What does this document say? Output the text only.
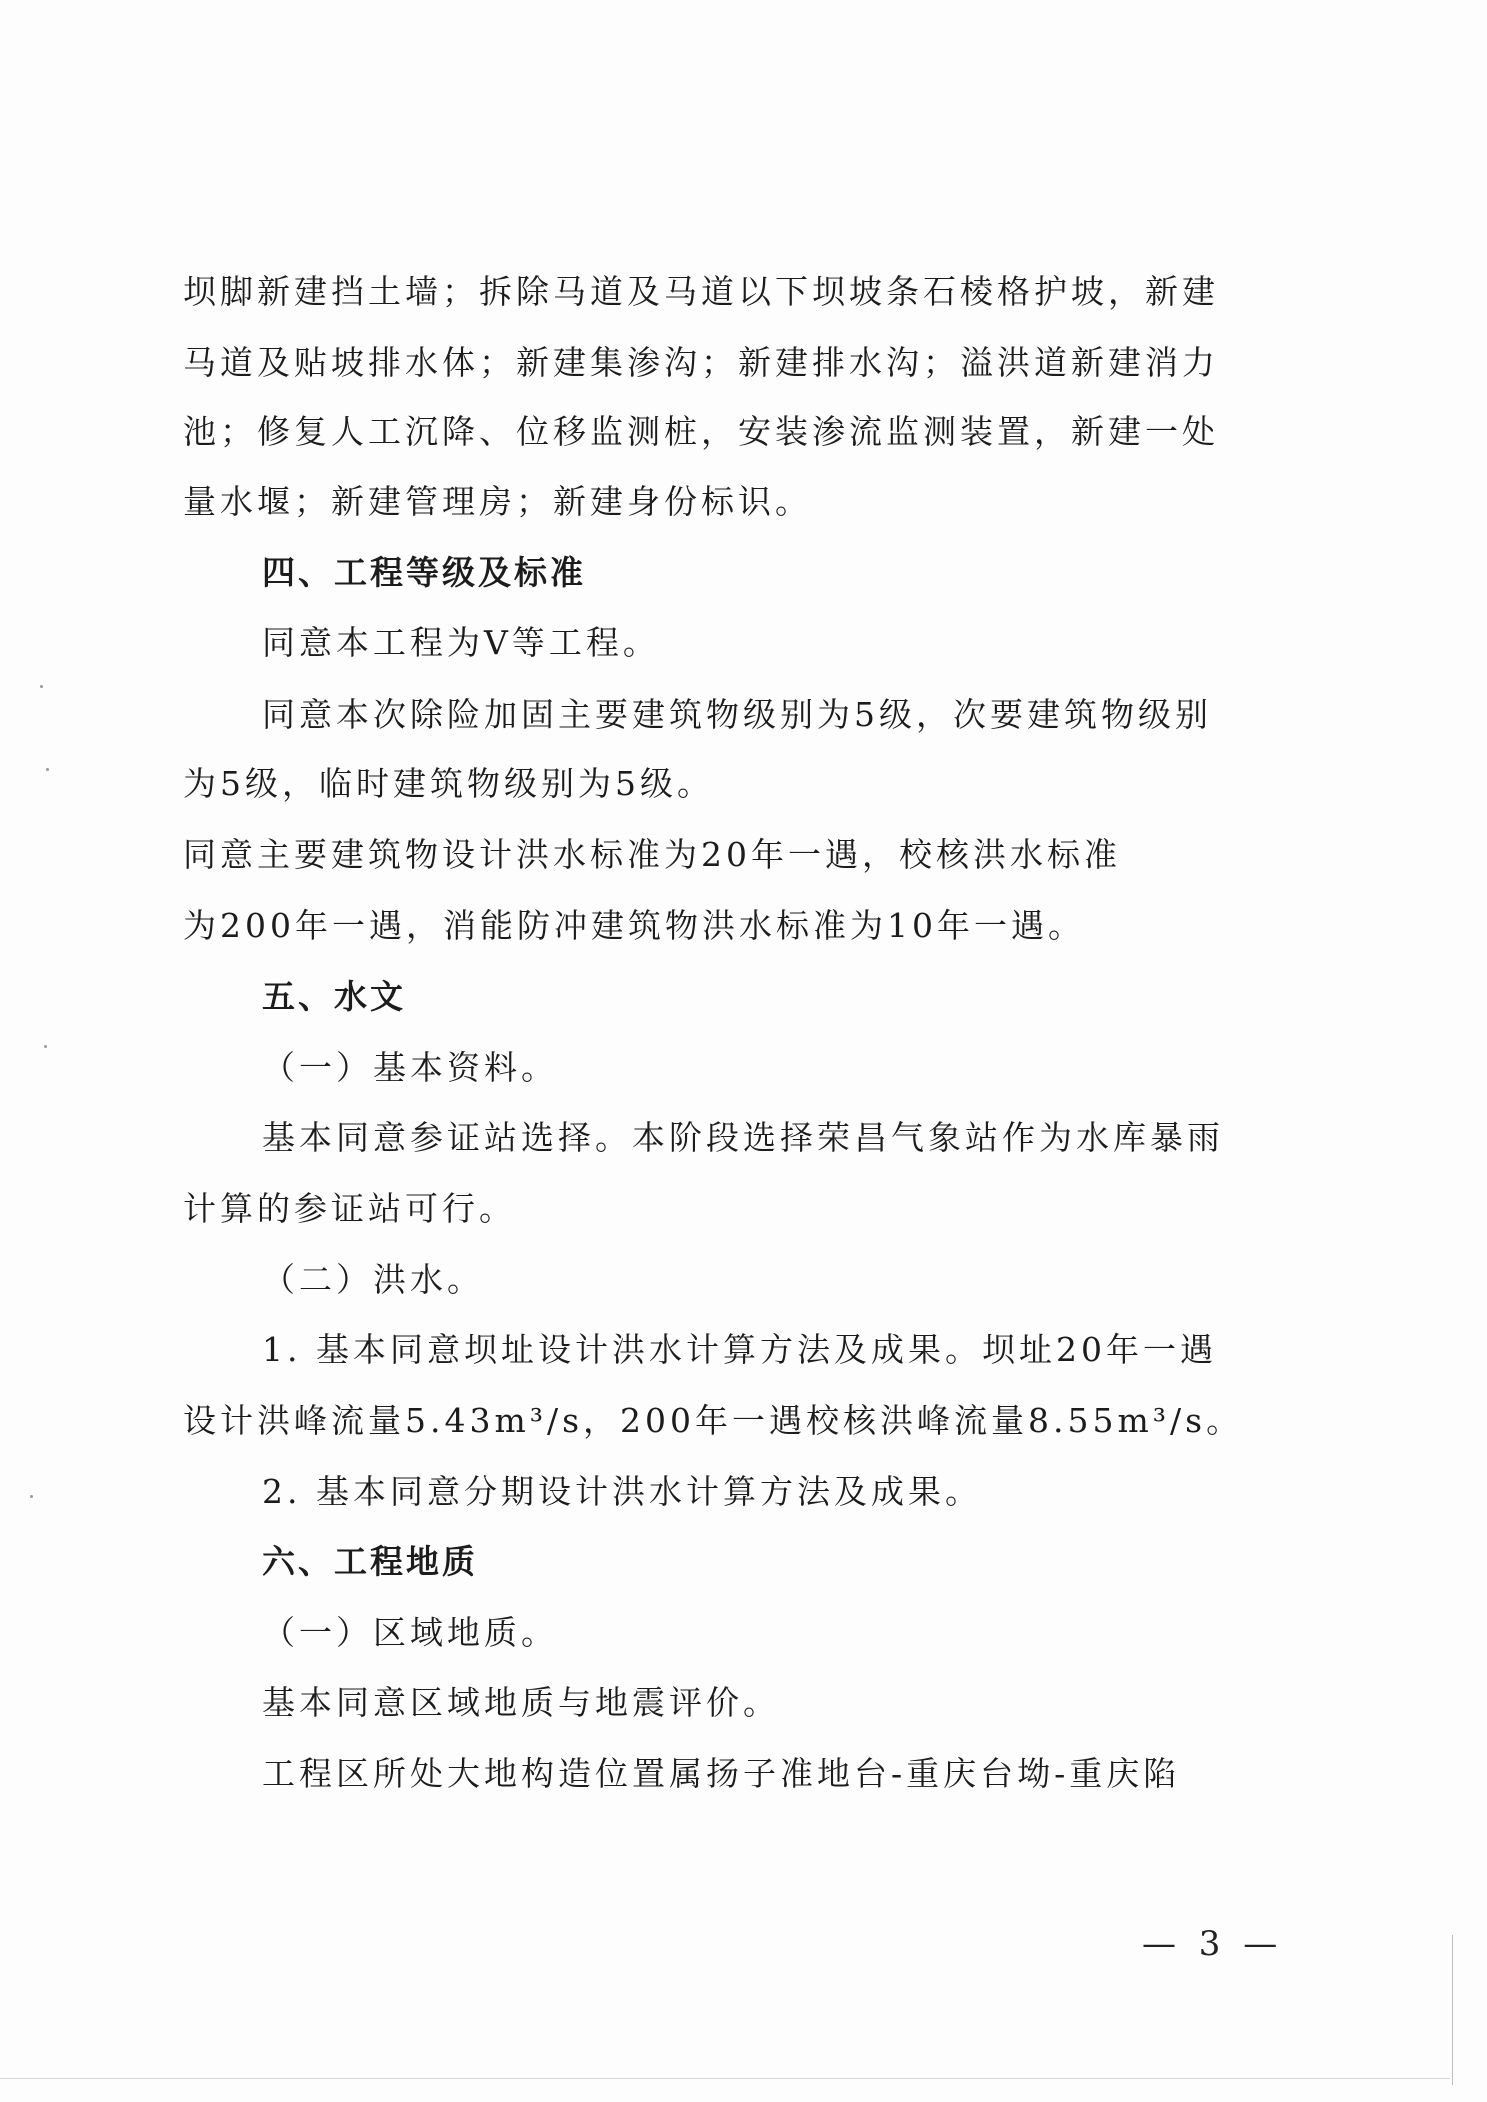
坝脚新建挡土墙；拆除马道及马道以下坝坡条石棱格护坡，新建
马道及贴坡排水体；新建集渗沟；新建排水沟；溢洪道新建消力
池；修复人工沉降、位移监测桩，安装渗流监测装置，新建一处
量水堰；新建管理房；新建身份标识。
四、工程等级及标准
同意本工程为Ⅴ等工程。
同意本次除险加固主要建筑物级别为5级，次要建筑物级别
为5级，临时建筑物级别为5级。
同意主要建筑物设计洪水标准为20年一遇，校核洪水标准
为200年一遇，消能防冲建筑物洪水标准为10年一遇。
五、水文
（一）基本资料。
基本同意参证站选择。本阶段选择荣昌气象站作为水库暴雨
计算的参证站可行。
（二）洪水。
1. 基本同意坝址设计洪水计算方法及成果。坝址20年一遇
设计洪峰流量5.43m³/s，200年一遇校核洪峰流量8.55m³/s。
2. 基本同意分期设计洪水计算方法及成果。
六、工程地质
（一）区域地质。
基本同意区域地质与地震评价。
工程区所处大地构造位置属扬子准地台-重庆台坳-重庆陷
— 3 —
